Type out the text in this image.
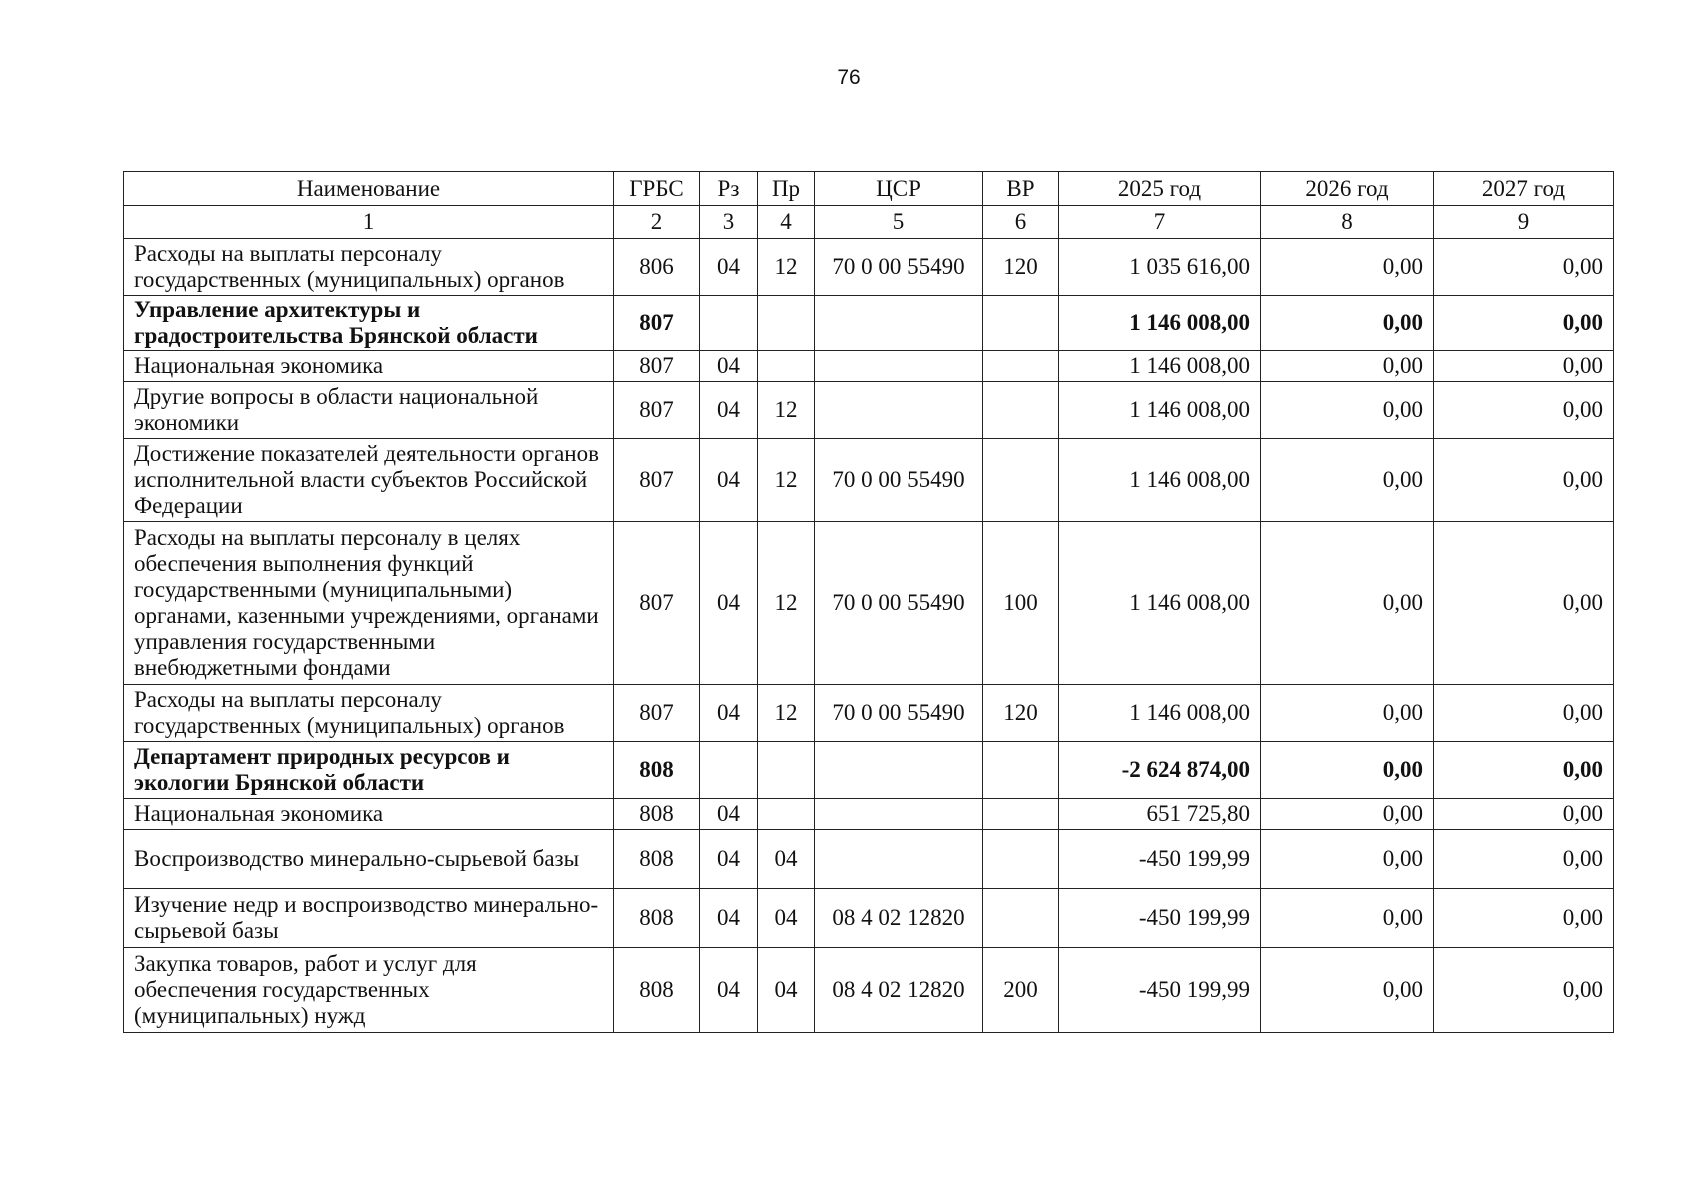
76
Наименование	ГРБС	Рз	Пр	ЦСР	ВР	2025 год	2026 год	2027 год
1	2	3	4	5	6	7	8	9
Расходы на выплаты персоналу государственных (муниципальных) органов	806	04	12	70 0 00 55490	120	1 035 616,00	0,00	0,00
Управление архитектуры и градостроительства Брянской области	807					1 146 008,00	0,00	0,00
Национальная экономика	807	04				1 146 008,00	0,00	0,00
Другие вопросы в области национальной экономики	807	04	12			1 146 008,00	0,00	0,00
Достижение показателей деятельности органов исполнительной власти субъектов Российской Федерации	807	04	12	70 0 00 55490		1 146 008,00	0,00	0,00
Расходы на выплаты персоналу в целях обеспечения выполнения функций государственными (муниципальными) органами, казенными учреждениями, органами управления государственными внебюджетными фондами	807	04	12	70 0 00 55490	100	1 146 008,00	0,00	0,00
Расходы на выплаты персоналу государственных (муниципальных) органов	807	04	12	70 0 00 55490	120	1 146 008,00	0,00	0,00
Департамент природных ресурсов и экологии Брянской области	808					-2 624 874,00	0,00	0,00
Национальная экономика	808	04				651 725,80	0,00	0,00
Воспроизводство минерально-сырьевой базы	808	04	04			-450 199,99	0,00	0,00
Изучение недр и воспроизводство минерально-сырьевой базы	808	04	04	08 4 02 12820		-450 199,99	0,00	0,00
Закупка товаров, работ и услуг для обеспечения государственных (муниципальных) нужд	808	04	04	08 4 02 12820	200	-450 199,99	0,00	0,00
